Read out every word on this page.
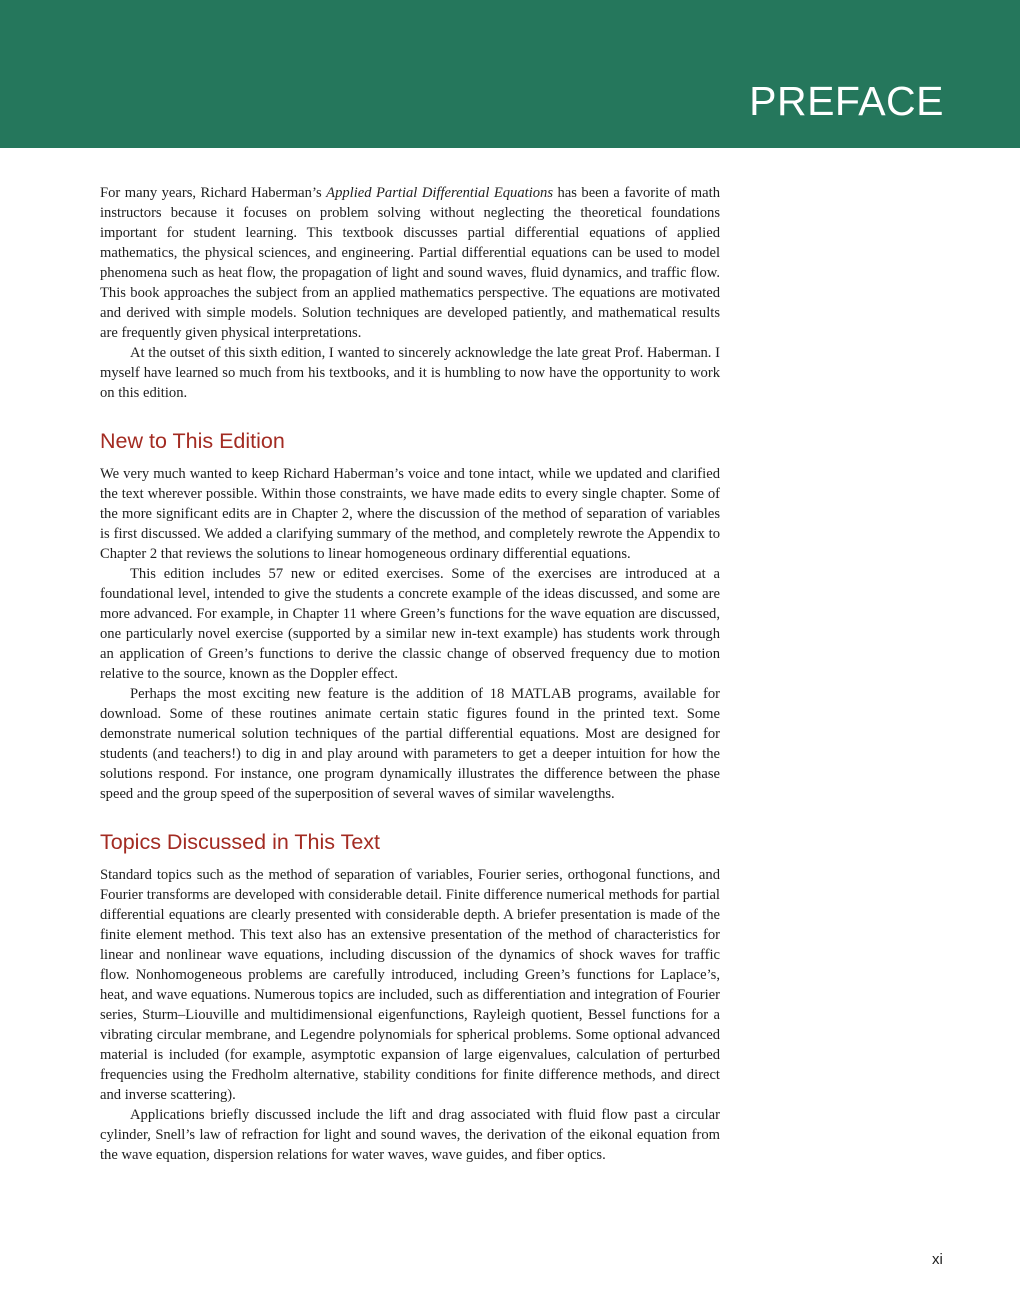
PREFACE

For many years, Richard Haberman’s Applied Partial Differential Equations has been a favorite of math instructors because it focuses on problem solving without neglecting the theoretical foundations important for student learning. This textbook discusses partial differential equations of applied mathematics, the physical sciences, and engineering. Partial differential equations can be used to model phenomena such as heat flow, the propagation of light and sound waves, fluid dynamics, and traffic flow. This book approaches the subject from an applied mathematics perspective. The equations are motivated and derived with simple models. Solution techniques are developed patiently, and mathematical results are frequently given physical interpretations.

At the outset of this sixth edition, I wanted to sincerely acknowledge the late great Prof. Haberman. I myself have learned so much from his textbooks, and it is humbling to now have the opportunity to work on this edition.

New to This Edition

We very much wanted to keep Richard Haberman’s voice and tone intact, while we updated and clarified the text wherever possible. Within those constraints, we have made edits to every single chapter. Some of the more significant edits are in Chapter 2, where the discussion of the method of separation of variables is first discussed. We added a clarifying summary of the method, and completely rewrote the Appendix to Chapter 2 that reviews the solutions to linear homogeneous ordinary differential equations.

This edition includes 57 new or edited exercises. Some of the exercises are introduced at a foundational level, intended to give the students a concrete example of the ideas discussed, and some are more advanced. For example, in Chapter 11 where Green’s functions for the wave equation are discussed, one particularly novel exercise (supported by a similar new in-text example) has students work through an application of Green’s functions to derive the classic change of observed frequency due to motion relative to the source, known as the Doppler effect.

Perhaps the most exciting new feature is the addition of 18 MATLAB programs, available for download. Some of these routines animate certain static figures found in the printed text. Some demonstrate numerical solution techniques of the partial differential equations. Most are designed for students (and teachers!) to dig in and play around with parameters to get a deeper intuition for how the solutions respond. For instance, one program dynamically illustrates the difference between the phase speed and the group speed of the superposition of several waves of similar wavelengths.

Topics Discussed in This Text

Standard topics such as the method of separation of variables, Fourier series, orthogonal functions, and Fourier transforms are developed with considerable detail. Finite difference numerical methods for partial differential equations are clearly presented with considerable depth. A briefer presentation is made of the finite element method. This text also has an extensive presentation of the method of characteristics for linear and nonlinear wave equations, including discussion of the dynamics of shock waves for traffic flow. Nonhomogeneous problems are carefully introduced, including Green’s functions for Laplace’s, heat, and wave equations. Numerous topics are included, such as differentiation and integration of Fourier series, Sturm–Liouville and multidimensional eigenfunctions, Rayleigh quotient, Bessel functions for a vibrating circular membrane, and Legendre polynomials for spherical problems. Some optional advanced material is included (for example, asymptotic expansion of large eigenvalues, calculation of perturbed frequencies using the Fredholm alternative, stability conditions for finite difference methods, and direct and inverse scattering).

Applications briefly discussed include the lift and drag associated with fluid flow past a circular cylinder, Snell’s law of refraction for light and sound waves, the derivation of the eikonal equation from the wave equation, dispersion relations for water waves, wave guides, and fiber optics.

xi
